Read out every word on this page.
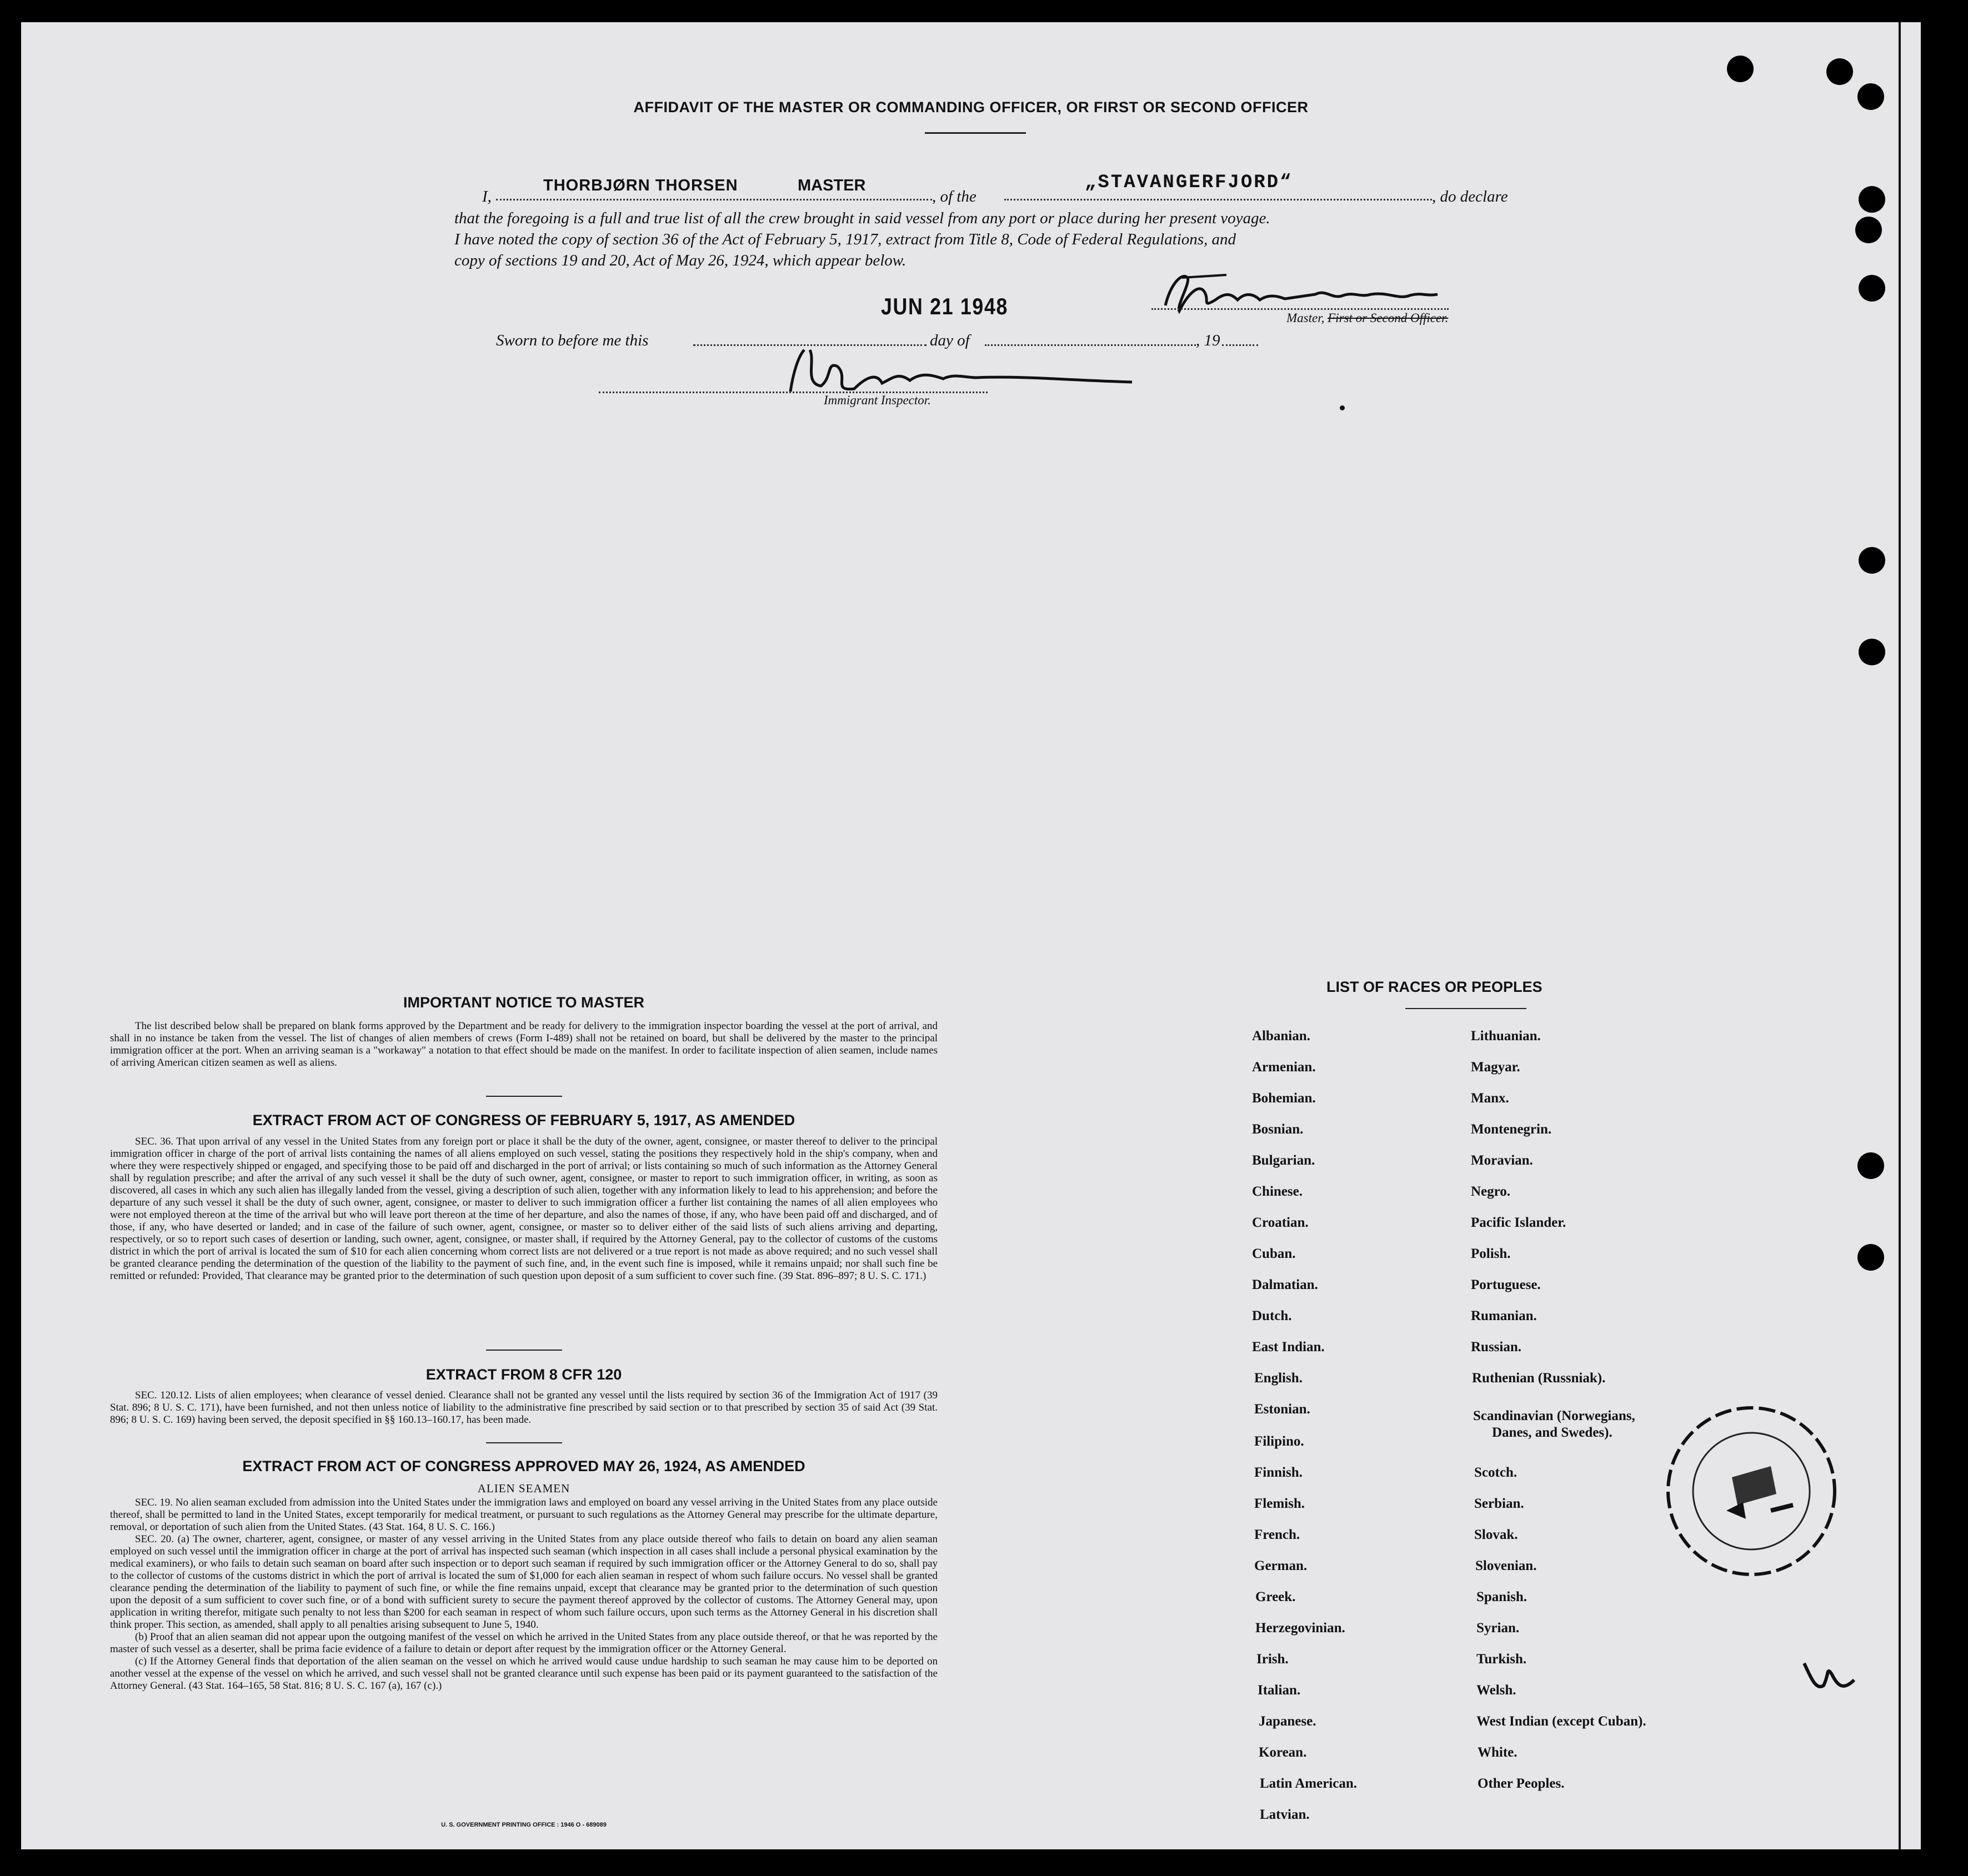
AFFIDAVIT OF THE MASTER OR COMMANDING OFFICER, OR FIRST OR SECOND OFFICER
I,
THORBJØRN THORSEN	MASTER
, of the
„STAVANGERFJORD“
, do declare
that the foregoing is a full and true list of all the crew brought in said vessel from any port or place during her present voyage.
I have noted the copy of section 36 of the Act of February 5, 1917, extract from Title 8, Code of Federal Regulations, and
copy of sections 19 and 20, Act of May 26, 1924, which appear below.
JUN 21 1948	Master, First or Second Officer.
Sworn to before me this	day of	, 19
Immigrant Inspector.
IMPORTANT NOTICE TO MASTER
The list described below shall be prepared on blank forms approved by the Department and be ready for delivery to the immigration inspector boarding the vessel at the port of arrival, and shall in no instance be taken from the vessel. The list of changes of alien members of crews (Form I-489) shall not be retained on board, but shall be delivered by the master to the principal immigration officer at the port. When an arriving seaman is a "workaway" a notation to that effect should be made on the manifest. In order to facilitate inspection of alien seamen, include names of arriving American citizen seamen as well as aliens.
EXTRACT FROM ACT OF CONGRESS OF FEBRUARY 5, 1917, AS AMENDED
SEC. 36. That upon arrival of any vessel in the United States from any foreign port or place it shall be the duty of the owner, agent, consignee, or master thereof to deliver to the principal immigration officer in charge of the port of arrival lists containing the names of all aliens employed on such vessel, stating the positions they respectively hold in the ship's company, when and where they were respectively shipped or engaged, and specifying those to be paid off and discharged in the port of arrival; or lists containing so much of such information as the Attorney General shall by regulation prescribe; and after the arrival of any such vessel it shall be the duty of such owner, agent, consignee, or master to report to such immigration officer, in writing, as soon as discovered, all cases in which any such alien has illegally landed from the vessel, giving a description of such alien, together with any information likely to lead to his apprehension; and before the departure of any such vessel it shall be the duty of such owner, agent, consignee, or master to deliver to such immigration officer a further list containing the names of all alien employees who were not employed thereon at the time of the arrival but who will leave port thereon at the time of her departure, and also the names of those, if any, who have been paid off and discharged, and of those, if any, who have deserted or landed; and in case of the failure of such owner, agent, consignee, or master so to deliver either of the said lists of such aliens arriving and departing, respectively, or so to report such cases of desertion or landing, such owner, agent, consignee, or master shall, if required by the Attorney General, pay to the collector of customs of the customs district in which the port of arrival is located the sum of $10 for each alien concerning whom correct lists are not delivered or a true report is not made as above required; and no such vessel shall be granted clearance pending the determination of the question of the liability to the payment of such fine, and, in the event such fine is imposed, while it remains unpaid; nor shall such fine be remitted or refunded: Provided, That clearance may be granted prior to the determination of such question upon deposit of a sum sufficient to cover such fine. (39 Stat. 896–897; 8 U. S. C. 171.)
EXTRACT FROM 8 CFR 120
SEC. 120.12. Lists of alien employees; when clearance of vessel denied. Clearance shall not be granted any vessel until the lists required by section 36 of the Immigration Act of 1917 (39 Stat. 896; 8 U. S. C. 171), have been furnished, and not then unless notice of liability to the administrative fine prescribed by said section or to that prescribed by section 35 of said Act (39 Stat. 896; 8 U. S. C. 169) having been served, the deposit specified in §§ 160.13–160.17, has been made.
EXTRACT FROM ACT OF CONGRESS APPROVED MAY 26, 1924, AS AMENDED
ALIEN SEAMEN
SEC. 19. No alien seaman excluded from admission into the United States under the immigration laws and employed on board any vessel arriving in the United States from any place outside thereof, shall be permitted to land in the United States, except temporarily for medical treatment, or pursuant to such regulations as the Attorney General may prescribe for the ultimate departure, removal, or deportation of such alien from the United States. (43 Stat. 164, 8 U. S. C. 166.)
SEC. 20. (a) The owner, charterer, agent, consignee, or master of any vessel arriving in the United States from any place outside thereof who fails to detain on board any alien seaman employed on such vessel until the immigration officer in charge at the port of arrival has inspected such seaman (which inspection in all cases shall include a personal physical examination by the medical examiners), or who fails to detain such seaman on board after such inspection or to deport such seaman if required by such immigration officer or the Attorney General to do so, shall pay to the collector of customs of the customs district in which the port of arrival is located the sum of $1,000 for each alien seaman in respect of whom such failure occurs. No vessel shall be granted clearance pending the determination of the liability to payment of such fine, or while the fine remains unpaid, except that clearance may be granted prior to the determination of such question upon the deposit of a sum sufficient to cover such fine, or of a bond with sufficient surety to secure the payment thereof approved by the collector of customs. The Attorney General may, upon application in writing therefor, mitigate such penalty to not less than $200 for each seaman in respect of whom such failure occurs, upon such terms as the Attorney General in his discretion shall think proper. This section, as amended, shall apply to all penalties arising subsequent to June 5, 1940.
(b) Proof that an alien seaman did not appear upon the outgoing manifest of the vessel on which he arrived in the United States from any place outside thereof, or that he was reported by the master of such vessel as a deserter, shall be prima facie evidence of a failure to detain or deport after request by the immigration officer or the Attorney General.
(c) If the Attorney General finds that deportation of the alien seaman on the vessel on which he arrived would cause undue hardship to such seaman he may cause him to be deported on another vessel at the expense of the vessel on which he arrived, and such vessel shall not be granted clearance until such expense has been paid or its payment guaranteed to the satisfaction of the Attorney General. (43 Stat. 164–165, 58 Stat. 816; 8 U. S. C. 167 (a), 167 (c).)
U. S. GOVERNMENT PRINTING OFFICE : 1946 O - 689089
LIST OF RACES OR PEOPLES
Albanian.
Armenian.
Bohemian.
Bosnian.
Bulgarian.
Chinese.
Croatian.
Cuban.
Dalmatian.
Dutch.
East Indian.
English.
Estonian.
Filipino.
Finnish.
Flemish.
French.
German.
Greek.
Herzegovinian.
Irish.
Italian.
Japanese.
Korean.
Latin American.
Latvian.
Lithuanian.
Magyar.
Manx.
Montenegrin.
Moravian.
Negro.
Pacific Islander.
Polish.
Portuguese.
Rumanian.
Russian.
Ruthenian (Russniak).
Scandinavian (Norwegians,
Danes, and Swedes).
Scotch.
Serbian.
Slovak.
Slovenian.
Spanish.
Syrian.
Turkish.
Welsh.
West Indian (except Cuban).
White.
Other Peoples.
